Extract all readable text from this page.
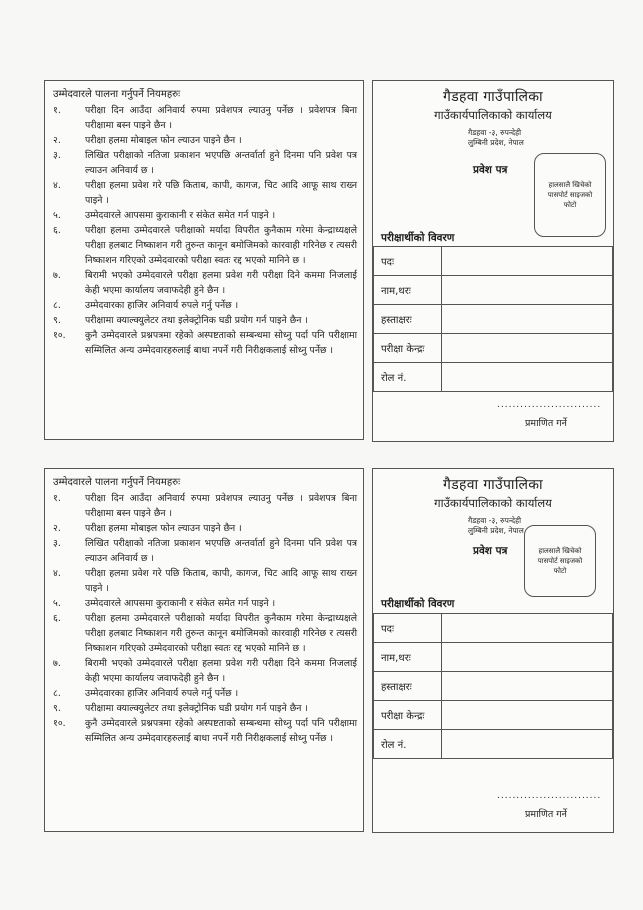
उम्मेदवारले पालना गर्नुपर्ने नियमहरुः
१.	परीक्षा दिन आउँदा अनिवार्य रुपमा प्रवेशपत्र ल्याउनु पर्नेछ । प्रवेशपत्र बिना परीक्षामा बस्न पाइने छैन ।
२.	परीक्षा हलमा मोबाइल फोन ल्याउन पाइने छैन ।
३.	लिखित परीक्षाको नतिजा प्रकाशन भएपछि अन्तर्वार्ता हुने दिनमा पनि प्रवेश पत्र ल्याउन अनिवार्य छ ।
४.	परीक्षा हलमा प्रवेश गरे पछि किताब, कापी, कागज, चिट आदि आफू साथ राख्न पाइने ।
५.	उम्मेदवारले आपसमा कुराकानी र संकेत समेत गर्न पाइने ।
६.	परीक्षा हलमा उम्मेदवारले परीक्षाको मर्यादा विपरीत कुनैकाम गरेमा केन्द्राध्यक्षले परीक्षा हलबाट निष्काशन गरी तुरुन्त कानून बमोजिमको कारवाही गरिनेछ र त्यसरी निष्काशन गरिएको उम्मेदवारको परीक्षा स्वतः रद्द भएको मानिने छ ।
७.	बिरामी भएको उम्मेदवारले परीक्षा हलमा प्रवेश गरी परीक्षा दिने कममा निजलाई केही भएमा कार्यालय जवाफदेही हुने छैन ।
८.	उम्मेदवारका हाजिर अनिवार्य रुपले गर्नु पर्नेछ ।
९.	परीक्षामा क्याल्क्युलेटर तथा इलेक्ट्रोनिक घडी प्रयोग गर्न पाइने छैन ।
१०.	कुनै उम्मेदवारले प्रश्नपत्रमा रहेको अस्पष्टताको सम्बन्धमा सोध्नु पर्दा पनि परीक्षामा सम्मिलित अन्य उम्मेदवारहरुलाई बाधा नपर्ने गरी निरीक्षकलाई सोध्नु पर्नेछ ।
गैडहवा गाउँपालिका
गाउँकार्यपालिकाको कार्यालय
गैडहवा -३, रुपन्देही
लुम्बिनी प्रदेश, नेपाल
प्रवेश पत्र
हालसालै खिचेको
पासपोर्ट साइजको
फोटो
परीक्षार्थीको विवरण
पदः	
नाम,थरः	
हस्ताक्षरः	
परीक्षा केन्द्रः	
रोल नं.	
...........................
प्रमाणित गर्ने
उम्मेदवारले पालना गर्नुपर्ने नियमहरुः
१.	परीक्षा दिन आउँदा अनिवार्य रुपमा प्रवेशपत्र ल्याउनु पर्नेछ । प्रवेशपत्र बिना परीक्षामा बस्न पाइने छैन ।
२.	परीक्षा हलमा मोबाइल फोन ल्याउन पाइने छैन ।
३.	लिखित परीक्षाको नतिजा प्रकाशन भएपछि अन्तर्वार्ता हुने दिनमा पनि प्रवेश पत्र ल्याउन अनिवार्य छ ।
४.	परीक्षा हलमा प्रवेश गरे पछि किताब, कापी, कागज, चिट आदि आफू साथ राख्न पाइने ।
५.	उम्मेदवारले आपसमा कुराकानी र संकेत समेत गर्न पाइने ।
६.	परीक्षा हलमा उम्मेदवारले परीक्षाको मर्यादा विपरीत कुनैकाम गरेमा केन्द्राध्यक्षले परीक्षा हलबाट निष्काशन गरी तुरुन्त कानून बमोजिमको कारवाही गरिनेछ र त्यसरी निष्काशन गरिएको उम्मेदवारको परीक्षा स्वतः रद्द भएको मानिने छ ।
७.	बिरामी भएको उम्मेदवारले परीक्षा हलमा प्रवेश गरी परीक्षा दिने कममा निजलाई केही भएमा कार्यालय जवाफदेही हुने छैन ।
८.	उम्मेदवारका हाजिर अनिवार्य रुपले गर्नु पर्नेछ ।
९.	परीक्षामा क्याल्क्युलेटर तथा इलेक्ट्रोनिक घडी प्रयोग गर्न पाइने छैन ।
१०.	कुनै उम्मेदवारले प्रश्नपत्रमा रहेको अस्पष्टताको सम्बन्धमा सोध्नु पर्दा पनि परीक्षामा सम्मिलित अन्य उम्मेदवारहरुलाई बाधा नपर्ने गरी निरीक्षकलाई सोध्नु पर्नेछ ।
गैडहवा गाउँपालिका
गाउँकार्यपालिकाको कार्यालय
गैडहवा -३, रुपन्देही
लुम्बिनी प्रदेश, नेपाल
प्रवेश पत्र	हालसालै खिचेको
पासपोर्ट साइजको
फोटो
परीक्षार्थीको विवरण
पदः	
नाम,थरः	
हस्ताक्षरः	
परीक्षा केन्द्रः	
रोल नं.	
...........................
प्रमाणित गर्ने
